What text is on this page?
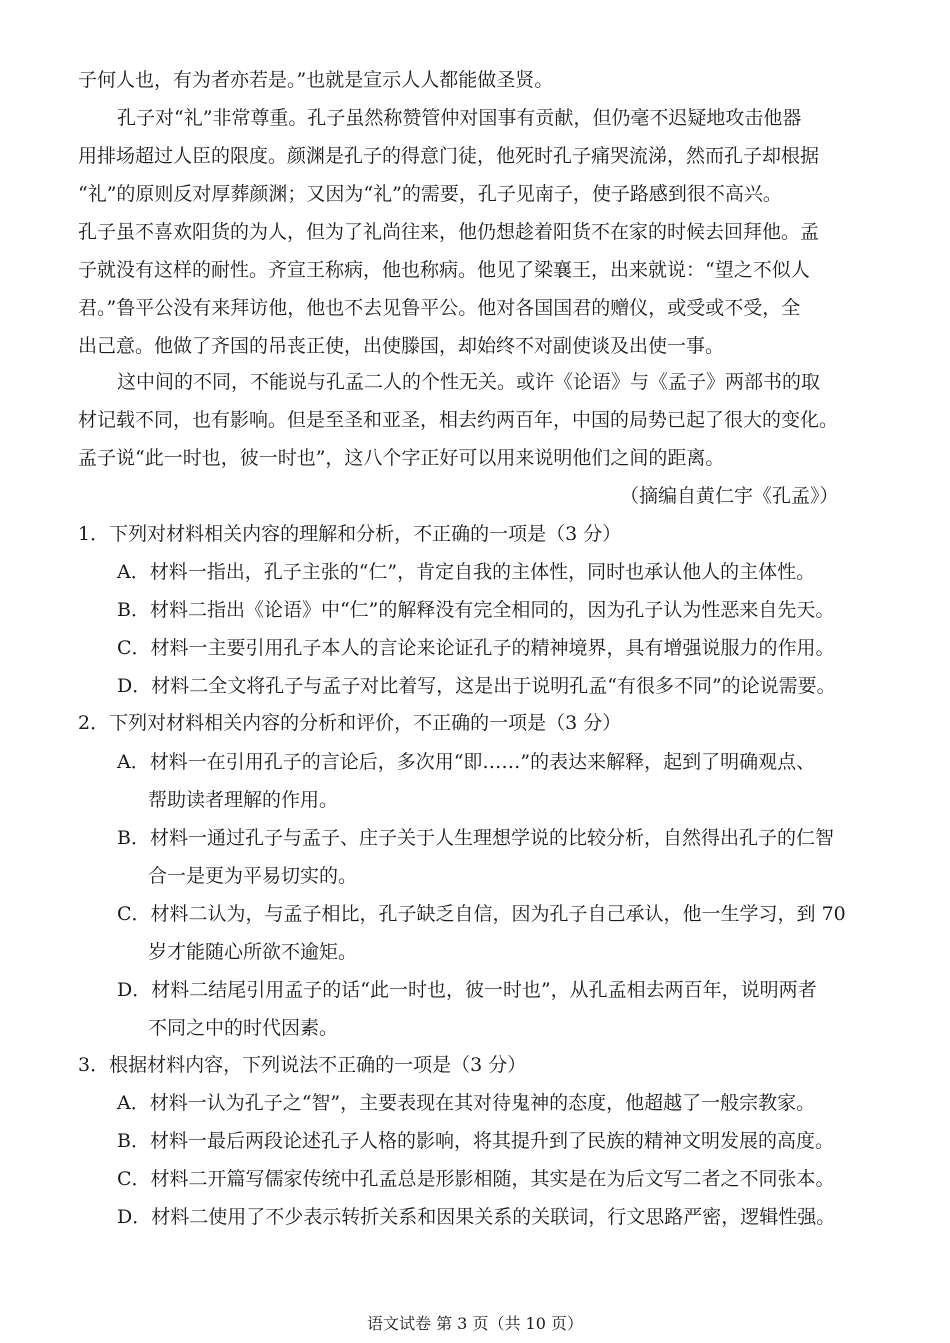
子何人也，有为者亦若是。”也就是宣示人人都能做圣贤。
孔子对“礼”非常尊重。孔子虽然称赞管仲对国事有贡献，但仍毫不迟疑地攻击他器
用排场超过人臣的限度。颜渊是孔子的得意门徒，他死时孔子痛哭流涕，然而孔子却根据
“礼”的原则反对厚葬颜渊；又因为“礼”的需要，孔子见南子，使子路感到很不高兴。
孔子虽不喜欢阳货的为人，但为了礼尚往来，他仍想趁着阳货不在家的时候去回拜他。孟
子就没有这样的耐性。齐宣王称病，他也称病。他见了梁襄王，出来就说：“望之不似人
君。”鲁平公没有来拜访他，他也不去见鲁平公。他对各国国君的赠仪，或受或不受，全
出己意。他做了齐国的吊丧正使，出使滕国，却始终不对副使谈及出使一事。
这中间的不同，不能说与孔孟二人的个性无关。或许《论语》与《孟子》两部书的取
材记载不同，也有影响。但是至圣和亚圣，相去约两百年，中国的局势已起了很大的变化。
孟子说“此一时也，彼一时也”，这八个字正好可以用来说明他们之间的距离。
（摘编自黄仁宇《孔孟》）
1．下列对材料相关内容的理解和分析，不正确的一项是（3 分）
A．材料一指出，孔子主张的“仁”，肯定自我的主体性，同时也承认他人的主体性。
B．材料二指出《论语》中“仁”的解释没有完全相同的，因为孔子认为性恶来自先天。
C．材料一主要引用孔子本人的言论来论证孔子的精神境界，具有增强说服力的作用。
D．材料二全文将孔子与孟子对比着写，这是出于说明孔孟“有很多不同”的论说需要。
2．下列对材料相关内容的分析和评价，不正确的一项是（3 分）
A．材料一在引用孔子的言论后，多次用“即……”的表达来解释，起到了明确观点、
帮助读者理解的作用。
B．材料一通过孔子与孟子、庄子关于人生理想学说的比较分析，自然得出孔子的仁智
合一是更为平易切实的。
C．材料二认为，与孟子相比，孔子缺乏自信，因为孔子自己承认，他一生学习，到 70
岁才能随心所欲不逾矩。
D．材料二结尾引用孟子的话“此一时也，彼一时也”，从孔孟相去两百年，说明两者
不同之中的时代因素。
3．根据材料内容，下列说法不正确的一项是（3 分）
A．材料一认为孔子之“智”，主要表现在其对待鬼神的态度，他超越了一般宗教家。
B．材料一最后两段论述孔子人格的影响，将其提升到了民族的精神文明发展的高度。
C．材料二开篇写儒家传统中孔孟总是形影相随，其实是在为后文写二者之不同张本。
D．材料二使用了不少表示转折关系和因果关系的关联词，行文思路严密，逻辑性强。
语文试卷 第 3 页（共 10 页）
